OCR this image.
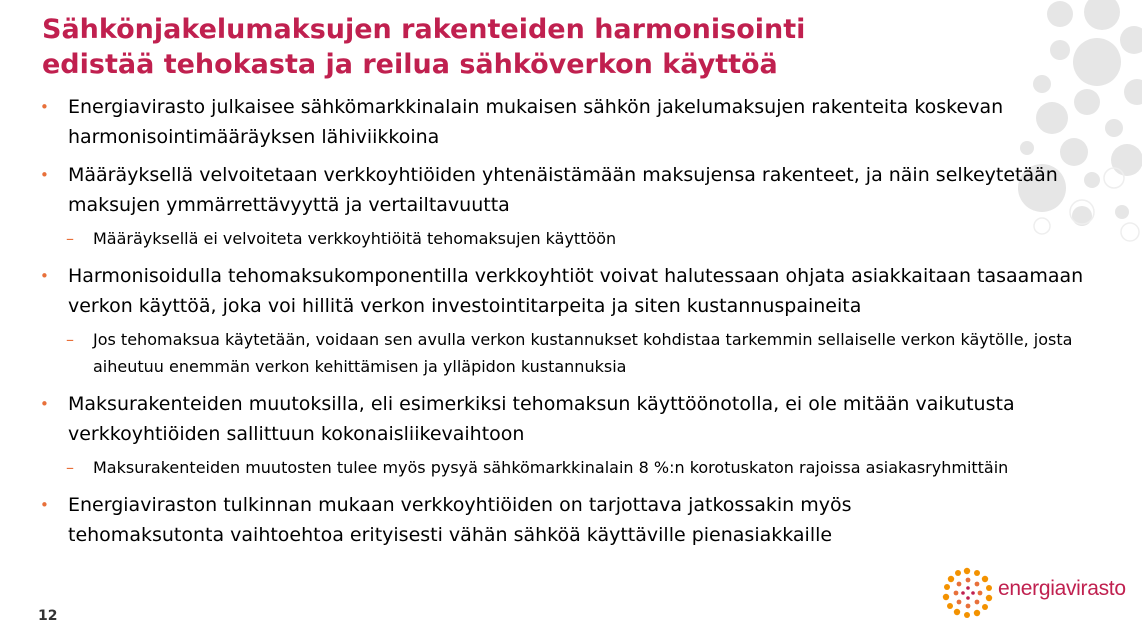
Sähkönjakelumaksujen rakenteiden harmonisointi
edistää tehokasta ja reilua sähköverkon käyttöä
• Energiavirasto julkaisee sähkömarkkinalain mukaisen sähkön jakelumaksujen rakenteita koskevan harmonisointimääräyksen lähiviikkoina
• Määräyksellä velvoitetaan verkkoyhtiöiden yhtenäistämään maksujensa rakenteet, ja näin selkeytetään maksujen ymmärrettävyyttä ja vertailtavuutta
– Määräyksellä ei velvoiteta verkkoyhtiöitä tehomaksujen käyttöön
• Harmonisoidulla tehomaksukomponentilla verkkoyhtiöt voivat halutessaan ohjata asiakkaitaan tasaamaan verkon käyttöä, joka voi hillitä verkon investointitarpeita ja siten kustannuspaineita
– Jos tehomaksua käytetään, voidaan sen avulla verkon kustannukset kohdistaa tarkemmin sellaiselle verkon käytölle, josta aiheutuu enemmän verkon kehittämisen ja ylläpidon kustannuksia
• Maksurakenteiden muutoksilla, eli esimerkiksi tehomaksun käyttöönotolla, ei ole mitään vaikutusta verkkoyhtiöiden sallittuun kokonaisliikevaihtoon
– Maksurakenteiden muutosten tulee myös pysyä sähkömarkkinalain 8 %:n korotuskaton rajoissa asiakasryhmittäin
• Energiaviraston tulkinnan mukaan verkkoyhtiöiden on tarjottava jatkossakin myös tehomaksutonta vaihtoehtoa erityisesti vähän sähköä käyttäville pienasiakkaille
12
energiavirasto
